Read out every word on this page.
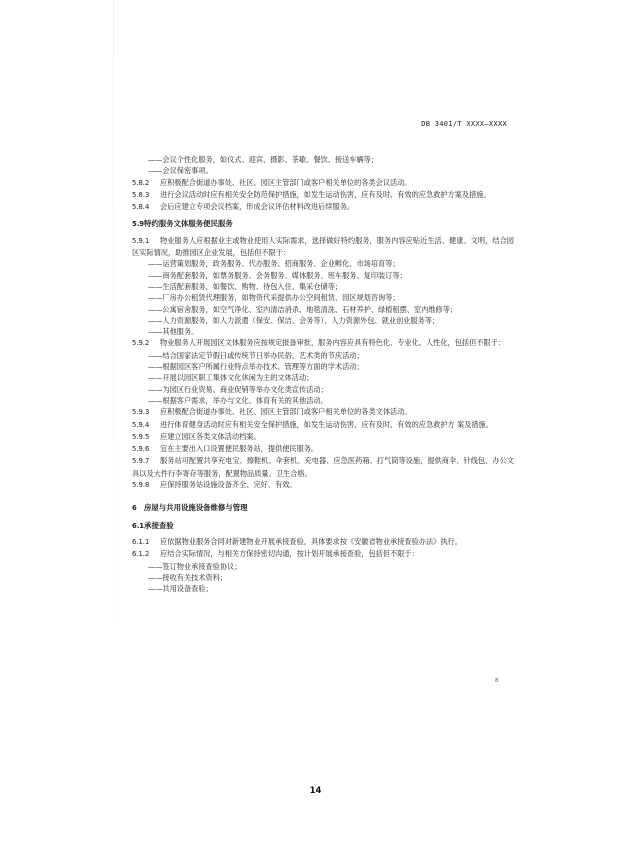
DB 3401/T XXXX—XXXX
——会议个性化服务，如仪式、迎宾、摄影、茶歇、餐饮、接送车辆等；
——会议保密事项。
5.8.2 应积极配合街道办事处、社区、园区主管部门或客户相关单位的各类会议活动。
5.8.3 进行会议活动时应有相关安全防范保护措施，如发生运动伤害，应有及时、有效的应急救护方案及措施。
5.8.4 会后应建立专项会议档案，形成会议评估材料改进后续服务。
5.9特约服务文体服务便民服务
5.9.1 物业服务人应根据业主或物业使用人实际需求，选择做好特约服务，服务内容应贴近生活、健康、文明，结合园区实际情况，助推园区企业发展，包括但不限于：
——运营策划服务，政务服务、代办服务、招商服务、企业孵化、市场培育等；
——商务配套服务，如票务服务、会务服务、媒体服务、班车服务、复印装订等；
——生活配套服务，如餐饮、购物、待包入住、集采仓储等；
——厂房办公租赁代理服务，如物资代采提供办公空间租赁、园区规划咨询等；
——公寓宿舍服务，如空气净化、室内清洁消杀、地毯清洗、石材养护、绿植租摆、室内维修等；
——人力资源服务，如人力派遣（保安、保洁、会务等）、人力资源外包、就业创业服务等；
——其他服务。
5.9.2 物业服务人开展园区文体服务应按规定报备审批，服务内容应具有特色化、专业化、人性化，包括但不限于：
——结合国家法定节假日或传统节日举办民俗、艺术类的节庆活动；
——根据园区客户所属行业特点举办技术、管理等方面的学术活动；
——开展以园区职工集体文化休闲为主的文体活动；
——为园区行业资易、商业促销等举办文化类宣传活动；
——根据客户需求，举办与文化、体育有关的其他活动。
5.9.3 应积极配合街道办事处、社区、园区主管部门或客户相关单位的各类文体活动。
5.9.4 进行体育健身活动时应有相关安全保护措施，如发生运动伤害，应有及时、有效的应急救护方 案及措施。
5.9.5 应建立园区各类文体活动档案。
5.9.6 宜在主要出入口设置便民服务站，提供便民服务。
5.9.7 服务站可配置共享充电宝、擦鞋机、伞套机、充电器、应急医药箱、打气筒等设施，提供商伞、针线包、办公文具以及大件行李寄存等服务，配置物品质量、卫生合格。
5.9.8 应保持服务站设施设备齐全、完好、有效。
6 房屋与共用设施设备维修与管理
6.1承接查验
6.1.1 应依据物业服务合同对新建物业开展承接查验，具体要求按《安徽省物业承接查验办法》执行。
6.1.2 应结合实际情况，与相关方保持密切沟通，按计划开展承接查验，包括但不限于：
——签订物业承接查验协议；
——接收有关技术资料；
——共用设备查验；
8
14
